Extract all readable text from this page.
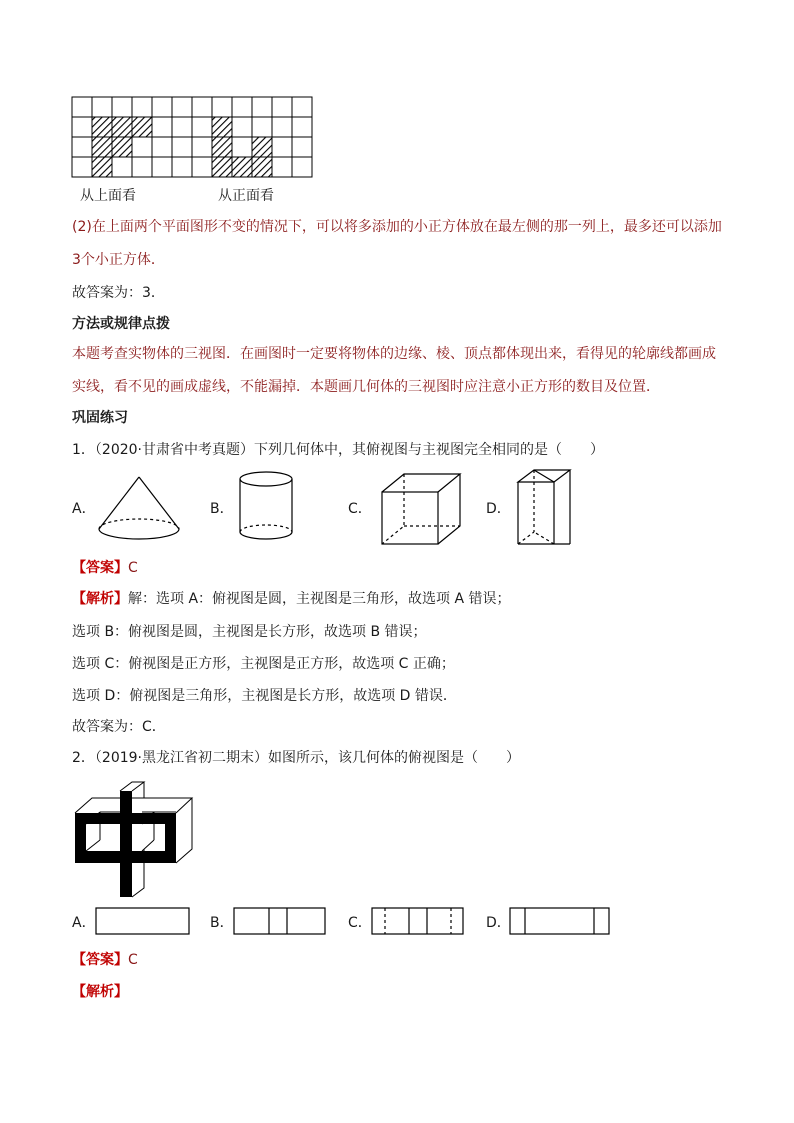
从上面看	从正面看
(2)在上面两个平面图形不变的情况下，可以将多添加的小正方体放在最左侧的那一列上，最多还可以添加
3个小正方体．
故答案为：3．
方法或规律点拨
本题考查实物体的三视图．在画图时一定要将物体的边缘、棱、顶点都体现出来，看得见的轮廓线都画成
实线，看不见的画成虚线，不能漏掉．本题画几何体的三视图时应注意小正方形的数目及位置．
巩固练习
1．（2020·甘肃省中考真题）下列几何体中，其俯视图与主视图完全相同的是（　　）
A．	B．	C．	D．
【答案】C
【解析】解：选项 A：俯视图是圆，主视图是三角形，故选项 A 错误；
选项 B：俯视图是圆，主视图是长方形，故选项 B 错误；
选项 C：俯视图是正方形，主视图是正方形，故选项 C 正确；
选项 D：俯视图是三角形，主视图是长方形，故选项 D 错误．
故答案为：C．
2．（2019·黑龙江省初二期末）如图所示，该几何体的俯视图是（　　）
A．	B．	C．	D．
【答案】C
【解析】
